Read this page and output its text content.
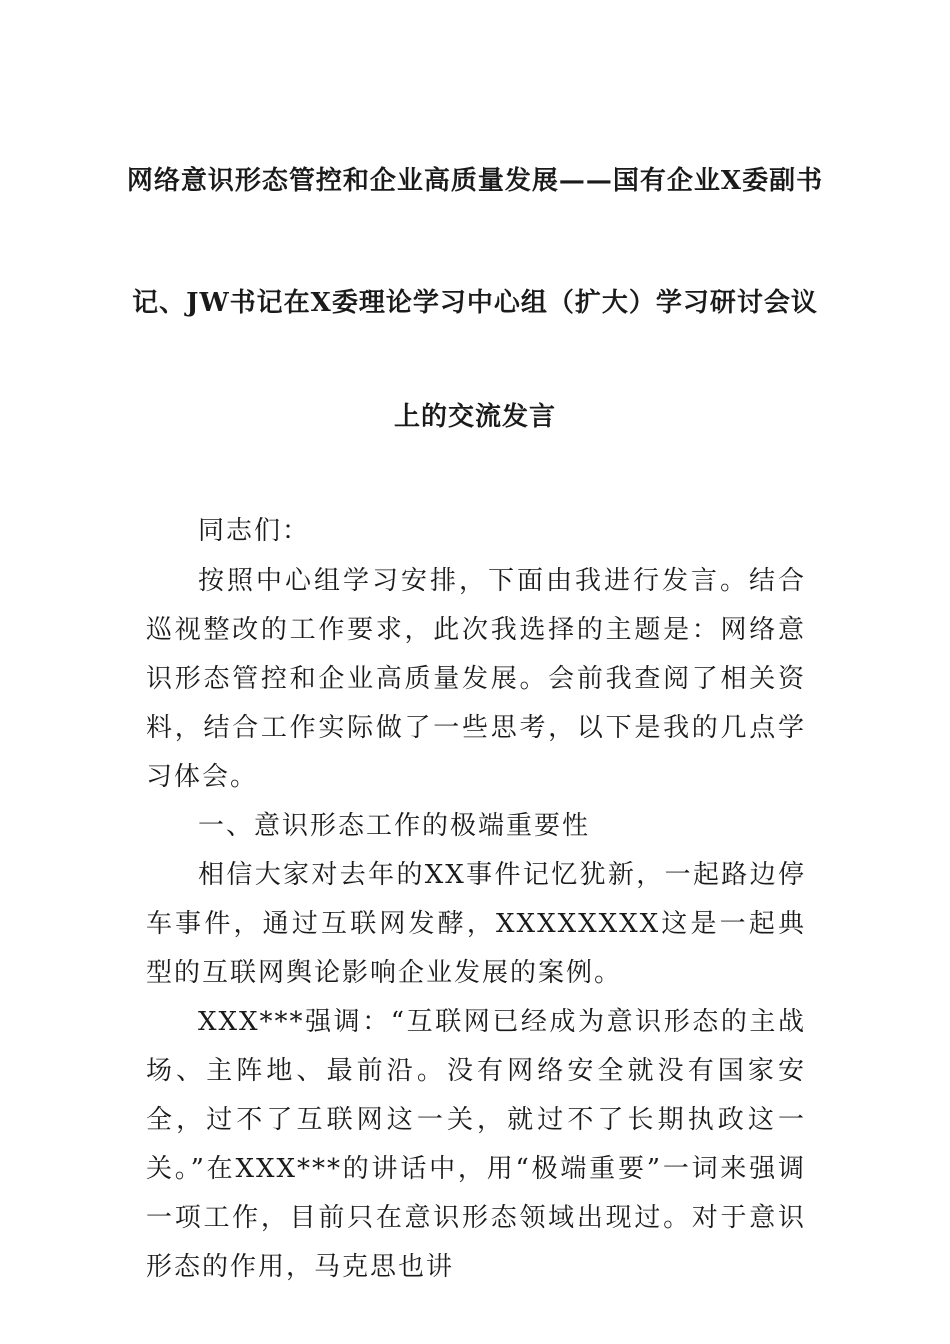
网络意识形态管控和企业高质量发展——国有企业X委副书
记、JW书记在X委理论学习中心组（扩大）学习研讨会议
上的交流发言

同志们：

按照中心组学习安排，下面由我进行发言。结合巡视整改的工作要求，此次我选择的主题是：网络意识形态管控和企业高质量发展。会前我查阅了相关资料，结合工作实际做了一些思考，以下是我的几点学习体会。

一、意识形态工作的极端重要性

相信大家对去年的XX事件记忆犹新，一起路边停车事件，通过互联网发酵，XXXXXXXX这是一起典型的互联网舆论影响企业发展的案例。

XXX***强调：“互联网已经成为意识形态的主战场、主阵地、最前沿。没有网络安全就没有国家安全，过不了互联网这一关，就过不了长期执政这一关。”在XXX***的讲话中，用“极端重要”一词来强调一项工作，目前只在意识形态领域出现过。对于意识形态的作用，马克思也讲
